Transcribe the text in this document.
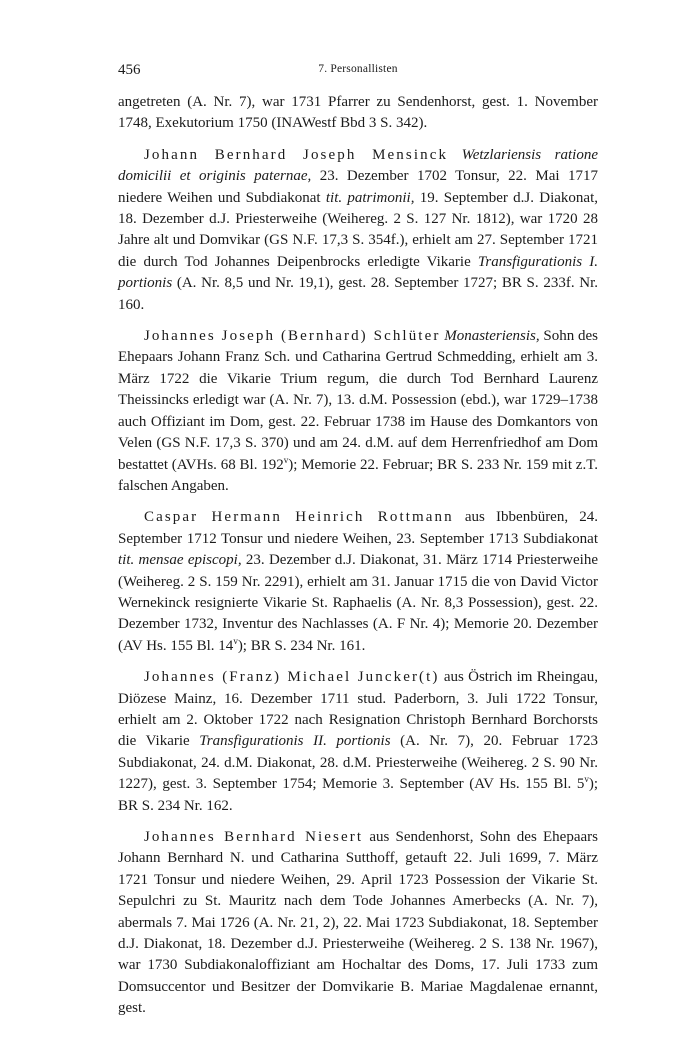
456	7. Personallisten

angetreten (A. Nr. 7), war 1731 Pfarrer zu Sendenhorst, gest. 1. November 1748, Exekutorium 1750 (INAWestf Bbd 3 S. 342).

Johann Bernhard Joseph Mensinck Wetzlariensis ratione domicilii et originis paternae, 23. Dezember 1702 Tonsur, 22. Mai 1717 niedere Weihen und Subdiakonat tit. patrimonii, 19. September d.J. Diakonat, 18. Dezember d.J. Priesterweihe (Weihereg. 2 S. 127 Nr. 1812), war 1720 28 Jahre alt und Domvikar (GS N.F. 17,3 S. 354f.), erhielt am 27. September 1721 die durch Tod Johannes Deipenbrocks erledigte Vikarie Transfigurationis I. portionis (A. Nr. 8,5 und Nr. 19,1), gest. 28. September 1727; BR S. 233f. Nr. 160.

Johannes Joseph (Bernhard) Schlüter Monasteriensis, Sohn des Ehepaars Johann Franz Sch. und Catharina Gertrud Schmedding, erhielt am 3. März 1722 die Vikarie Trium regum, die durch Tod Bernhard Laurenz Theissincks erledigt war (A. Nr. 7), 13. d.M. Possession (ebd.), war 1729–1738 auch Offiziant im Dom, gest. 22. Februar 1738 im Hause des Domkantors von Velen (GS N.F. 17,3 S. 370) und am 24. d.M. auf dem Herrenfriedhof am Dom bestattet (AVHs. 68 Bl. 192$^v$); Memorie 22. Februar; BR S. 233 Nr. 159 mit z.T. falschen Angaben.

Caspar Hermann Heinrich Rottmann aus Ibbenbüren, 24. September 1712 Tonsur und niedere Weihen, 23. September 1713 Subdiakonat tit. mensae episcopi, 23. Dezember d.J. Diakonat, 31. März 1714 Priesterweihe (Weihereg. 2 S. 159 Nr. 2291), erhielt am 31. Januar 1715 die von David Victor Wernekinck resignierte Vikarie St. Raphaelis (A. Nr. 8,3 Possession), gest. 22. Dezember 1732, Inventur des Nachlasses (A. F Nr. 4); Memorie 20. Dezember (AV Hs. 155 Bl. 14$^v$); BR S. 234 Nr. 161.

Johannes (Franz) Michael Juncker(t) aus Östrich im Rheingau, Diözese Mainz, 16. Dezember 1711 stud. Paderborn, 3. Juli 1722 Tonsur, erhielt am 2. Oktober 1722 nach Resignation Christoph Bernhard Borchorsts die Vikarie Transfigurationis II. portionis (A. Nr. 7), 20. Februar 1723 Subdiakonat, 24. d.M. Diakonat, 28. d.M. Priesterweihe (Weihereg. 2 S. 90 Nr. 1227), gest. 3. September 1754; Memorie 3. September (AV Hs. 155 Bl. 5$^v$); BR S. 234 Nr. 162.

Johannes Bernhard Niesert aus Sendenhorst, Sohn des Ehepaars Johann Bernhard N. und Catharina Sutthoff, getauft 22. Juli 1699, 7. März 1721 Tonsur und niedere Weihen, 29. April 1723 Possession der Vikarie St. Sepulchri zu St. Mauritz nach dem Tode Johannes Amerbecks (A. Nr. 7), abermals 7. Mai 1726 (A. Nr. 21, 2), 22. Mai 1723 Subdiakonat, 18. September d.J. Diakonat, 18. Dezember d.J. Priesterweihe (Weihereg. 2 S. 138 Nr. 1967), war 1730 Subdiakonaloffiziant am Hochaltar des Doms, 17. Juli 1733 zum Domsuccentor und Besitzer der Domvikarie B. Mariae Magdalenae ernannt, gest.
